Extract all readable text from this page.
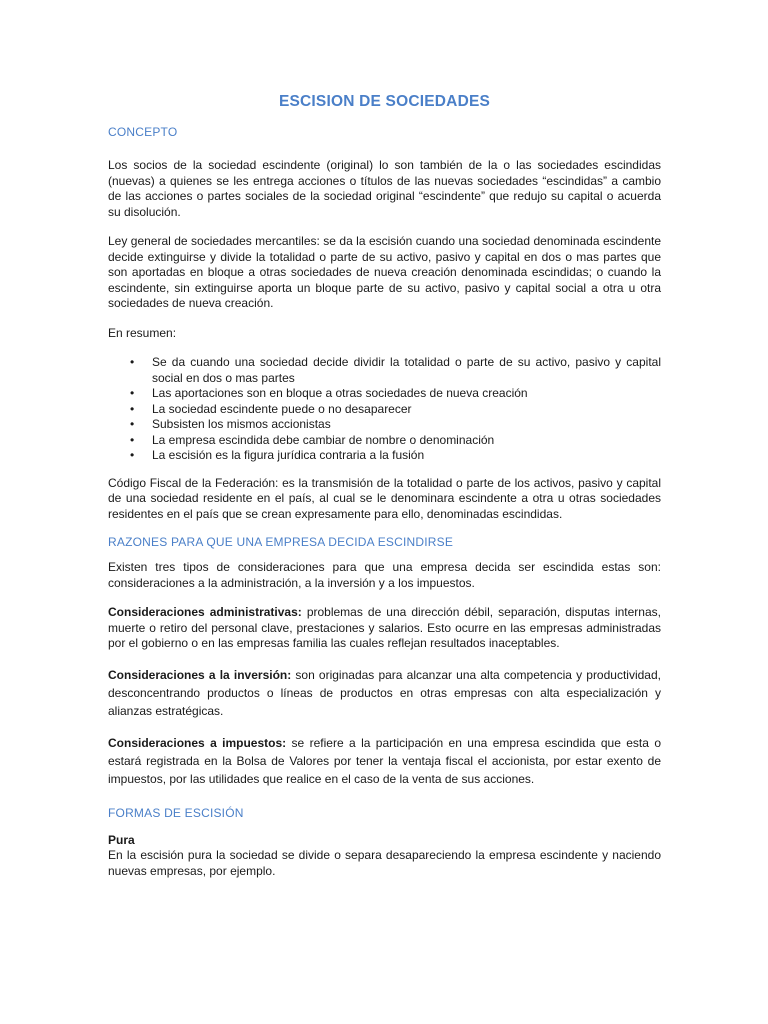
ESCISION DE SOCIEDADES
CONCEPTO

Los socios de la sociedad escindente (original) lo son también de la o las sociedades escindidas (nuevas) a quienes se les entrega acciones o títulos de las nuevas sociedades “escindidas” a cambio de las acciones o partes sociales de la sociedad original “escindente” que redujo su capital o acuerda su disolución.

Ley general de sociedades mercantiles: se da la escisión cuando una sociedad denominada escindente decide extinguirse y divide la totalidad o parte de su activo, pasivo y capital en dos o mas partes que son aportadas en bloque a otras sociedades de nueva creación denominada escindidas; o cuando la escindente, sin extinguirse aporta un bloque parte de su activo, pasivo y capital social a otra u otra sociedades de nueva creación.

En resumen:

• Se da cuando una sociedad decide dividir la totalidad o parte de su activo, pasivo y capital social en dos o mas partes
• Las aportaciones son en bloque a otras sociedades de nueva creación
• La sociedad escindente puede o no desaparecer
• Subsisten los mismos accionistas
• La empresa escindida debe cambiar de nombre o denominación
• La escisión es la figura jurídica contraria a la fusión

Código Fiscal de la Federación: es la transmisión de la totalidad o parte de los activos, pasivo y capital de una sociedad residente en el país, al cual se le denominara escindente a otra u otras sociedades residentes en el país que se crean expresamente para ello, denominadas escindidas.

RAZONES PARA QUE UNA EMPRESA DECIDA ESCINDIRSE

Existen tres tipos de consideraciones para que una empresa decida ser escindida estas son: consideraciones a la administración, a la inversión y a los impuestos.

Consideraciones administrativas: problemas de una dirección débil, separación, disputas internas, muerte o retiro del personal clave, prestaciones y salarios. Esto ocurre en las empresas administradas por el gobierno o en las empresas familia las cuales reflejan resultados inaceptables.

Consideraciones a la inversión: son originadas para alcanzar una alta competencia y productividad, desconcentrando productos o líneas de productos en otras empresas con alta especialización y alianzas estratégicas.

Consideraciones a impuestos: se refiere a la participación en una empresa escindida que esta o estará registrada en la Bolsa de Valores por tener la ventaja fiscal el accionista, por estar exento de impuestos, por las utilidades que realice en el caso de la venta de sus acciones.

FORMAS DE ESCISIÓN
Pura

En la escisión pura la sociedad se divide o separa desapareciendo la empresa escindente y naciendo nuevas empresas, por ejemplo.
